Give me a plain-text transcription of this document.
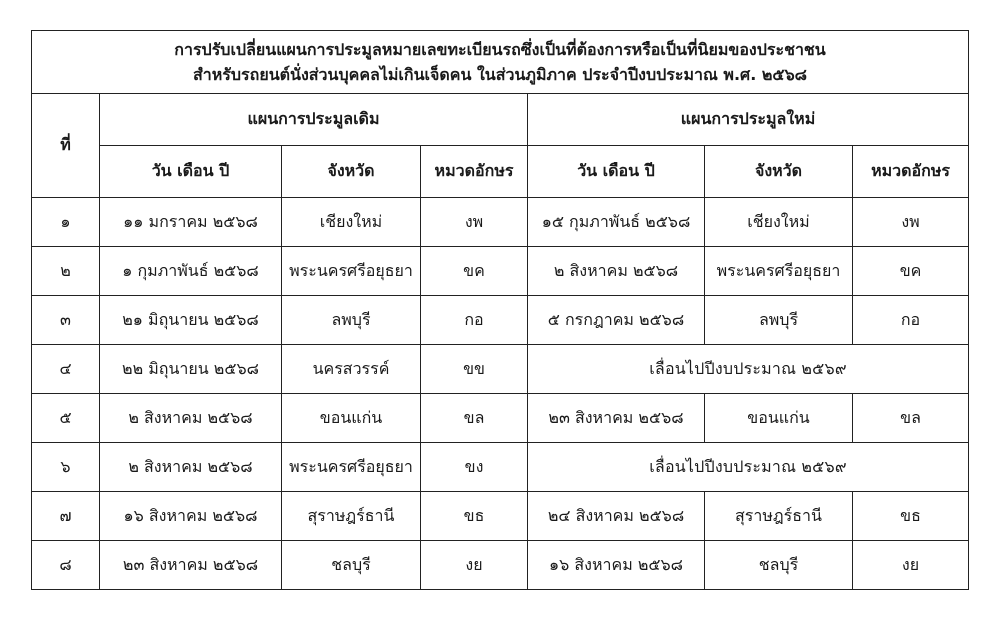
การปรับเปลี่ยนแผนการประมูลหมายเลขทะเบียนรถซึ่งเป็นที่ต้องการหรือเป็นที่นิยมของประชาชน
สำหรับรถยนต์นั่งส่วนบุคคลไม่เกินเจ็ดคน ในส่วนภูมิภาค ประจำปีงบประมาณ พ.ศ. ๒๕๖๘						

ที่	แผนการประมูลเดิม			แผนการประมูลใหม่		
	วัน เดือน ปี	จังหวัด	หมวดอักษร	วัน เดือน ปี	จังหวัด	หมวดอักษร
๑	๑๑ มกราคม ๒๕๖๘	เชียงใหม่	งพ	๑๕ กุมภาพันธ์ ๒๕๖๘	เชียงใหม่	งพ
๒	๑ กุมภาพันธ์ ๒๕๖๘	พระนครศรีอยุธยา	ขค	๒ สิงหาคม ๒๕๖๘	พระนครศรีอยุธยา	ขค
๓	๒๑ มิถุนายน ๒๕๖๘	ลพบุรี	กอ	๕ กรกฎาคม ๒๕๖๘	ลพบุรี	กอ
๔	๒๒ มิถุนายน ๒๕๖๘	นครสวรรค์	ขข	เลื่อนไปปีงบประมาณ ๒๕๖๙		
๕	๒ สิงหาคม ๒๕๖๘	ขอนแก่น	ขล	๒๓ สิงหาคม ๒๕๖๘	ขอนแก่น	ขล
๖	๒ สิงหาคม ๒๕๖๘	พระนครศรีอยุธยา	ขง	เลื่อนไปปีงบประมาณ ๒๕๖๙		
๗	๑๖ สิงหาคม ๒๕๖๘	สุราษฎร์ธานี	ขธ	๒๔ สิงหาคม ๒๕๖๘	สุราษฎร์ธานี	ขธ
๘	๒๓ สิงหาคม ๒๕๖๘	ชลบุรี	งย	๑๖ สิงหาคม ๒๕๖๘	ชลบุรี	งย
